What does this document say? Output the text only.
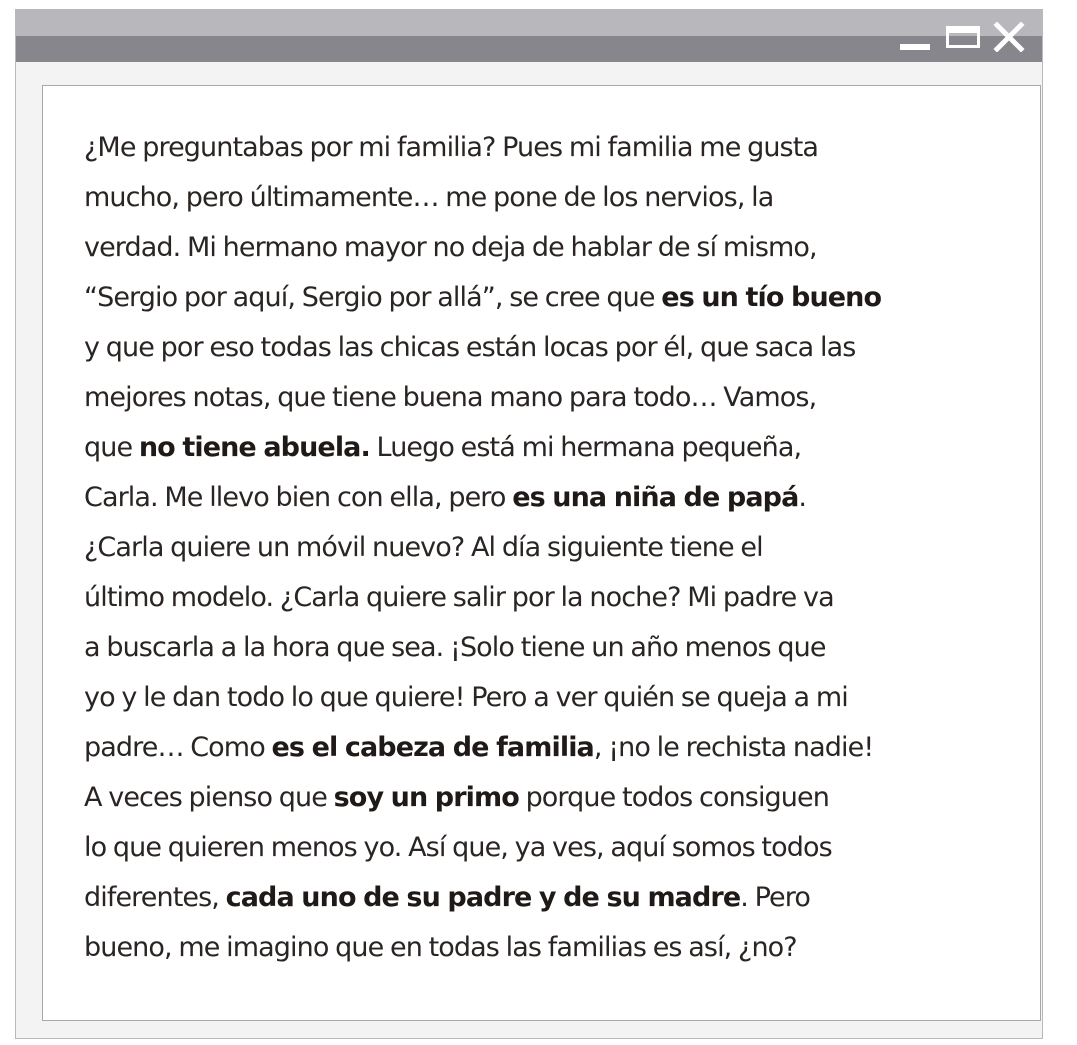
¿Me preguntabas por mi familia? Pues mi familia me gusta
mucho, pero últimamente… me pone de los nervios, la
verdad. Mi hermano mayor no deja de hablar de sí mismo,
“Sergio por aquí, Sergio por allá”, se cree que es un tío bueno
y que por eso todas las chicas están locas por él, que saca las
mejores notas, que tiene buena mano para todo… Vamos,
que no tiene abuela. Luego está mi hermana pequeña,
Carla. Me llevo bien con ella, pero es una niña de papá.
¿Carla quiere un móvil nuevo? Al día siguiente tiene el
último modelo. ¿Carla quiere salir por la noche? Mi padre va
a buscarla a la hora que sea. ¡Solo tiene un año menos que
yo y le dan todo lo que quiere! Pero a ver quién se queja a mi
padre… Como es el cabeza de familia, ¡no le rechista nadie!
A veces pienso que soy un primo porque todos consiguen
lo que quieren menos yo. Así que, ya ves, aquí somos todos
diferentes, cada uno de su padre y de su madre. Pero
bueno, me imagino que en todas las familias es así, ¿no?
